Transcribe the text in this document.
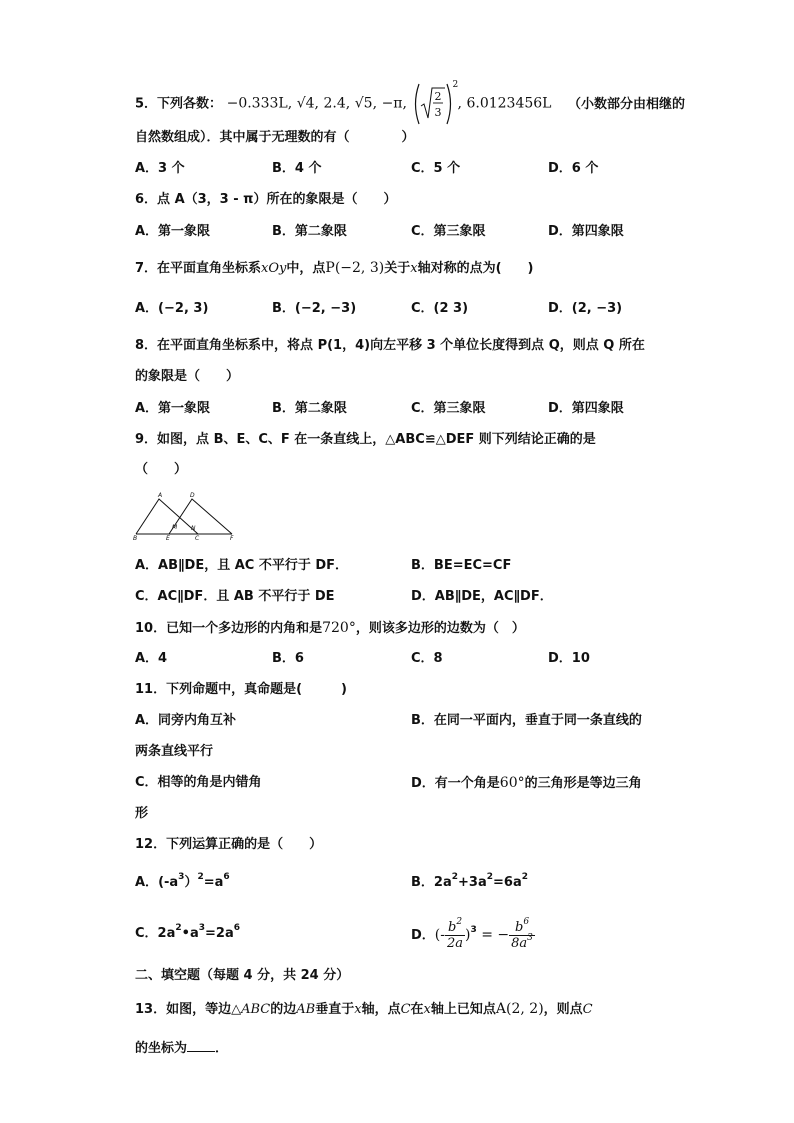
5．下列各数： −0.333L, √4, 2.4, √5, −π,	2
3
2
, 6.0123456L （小数部分由相继的
自然数组成）．其中属于无理数的有（　　　　）
A．3 个	B．4 个	C．5 个	D．6 个
6．点 A（3，3 - π）所在的象限是（　　）
A．第一象限	B．第二象限	C．第三象限	D．第四象限
7．在平面直角坐标系xOy中，点P(−2, 3)关于x轴对称的点为(　　)
A．(−2, 3)	B．(−2, −3)	C．(2 3)	D．(2, −3)
8．在平面直角坐标系中，将点 P(1，4)向左平移 3 个单位长度得到点 Q，则点 Q 所在
的象限是（　　）
A．第一象限	B．第二象限	C．第三象限	D．第四象限
9．如图，点 B、E、C、F 在一条直线上，△ABC≌△DEF 则下列结论正确的是
（　　）
A	D
B	E	C	F
M N
A．AB∥DE，且 AC 不平行于 DF．	B．BE=EC=CF
C．AC∥DF．且 AB 不平行于 DE	D．AB∥DE，AC∥DF．
10．已知一个多边形的内角和是720°，则该多边形的边数为（　）
A．4	B．6	C．8	D．10
11．下列命题中，真命题是(　　　)
A．同旁内角互补	B．在同一平面内，垂直于同一条直线的
两条直线平行
C．相等的角是内错角	D．有一个角是60°的三角形是等边三角
形
12．下列运算正确的是（　　）
A．$(-a^3)^2=a^6$	B．$2a^2+3a^2=6a^2$
C．$2a^2•a^3=2a^6$	D．(- $\frac{b^2}{2a} )^3$ = − $\frac{b^6}{8a^3}$
二、填空题（每题 4 分，共 24 分）
13．如图，等边△ABC的边AB垂直于x轴，点C在x轴上已知点A(2, 2)，则点C
的坐标为 ．
